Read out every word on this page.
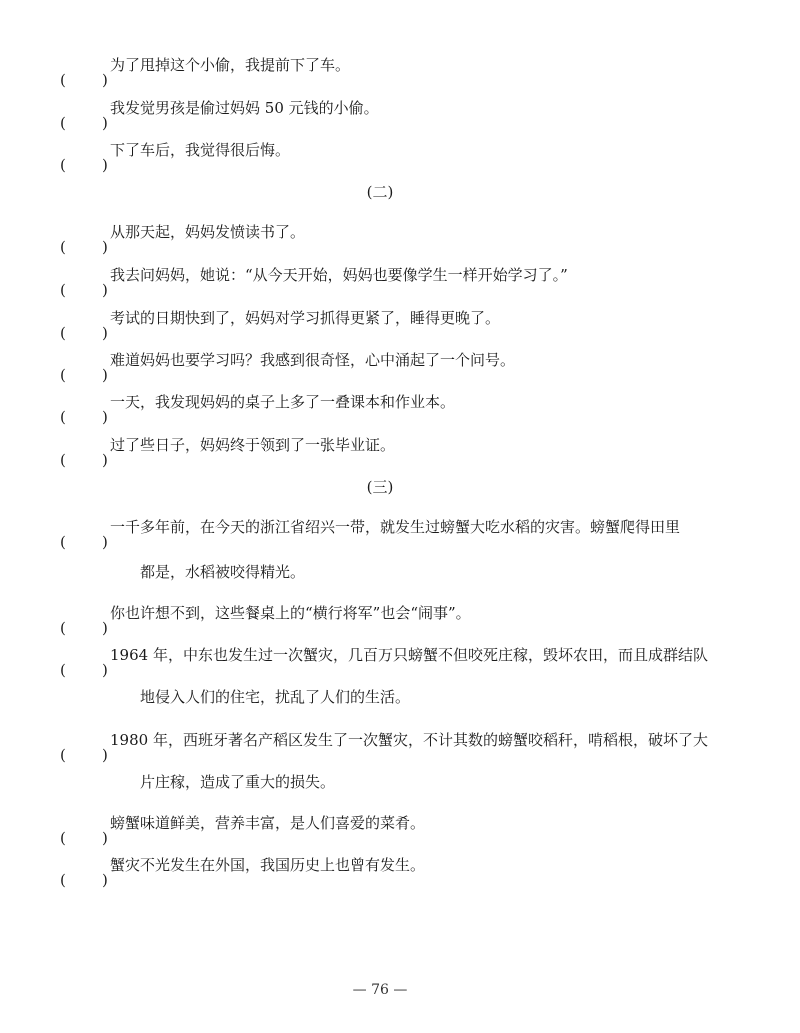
( )
为了甩掉这个小偷，我提前下了车。
( )
我发觉男孩是偷过妈妈 50 元钱的小偷。
( )
下了车后，我觉得很后悔。
(二)
( )
从那天起，妈妈发愤读书了。
( )
我去问妈妈，她说：“从今天开始，妈妈也要像学生一样开始学习了。”
( )
考试的日期快到了，妈妈对学习抓得更紧了，睡得更晚了。
( )
难道妈妈也要学习吗？我感到很奇怪，心中涌起了一个问号。
( )
一天，我发现妈妈的桌子上多了一叠课本和作业本。
( )
过了些日子，妈妈终于领到了一张毕业证。
(三)
( )
一千多年前，在今天的浙江省绍兴一带，就发生过螃蟹大吃水稻的灾害。螃蟹爬得田里
都是，水稻被咬得精光。
( )
你也许想不到，这些餐桌上的“横行将军”也会“闹事”。
( )
1964 年，中东也发生过一次蟹灾，几百万只螃蟹不但咬死庄稼，毁坏农田，而且成群结队
地侵入人们的住宅，扰乱了人们的生活。
( )
1980 年，西班牙著名产稻区发生了一次蟹灾，不计其数的螃蟹咬稻秆，啃稻根，破坏了大
片庄稼，造成了重大的损失。
( )
螃蟹味道鲜美，营养丰富，是人们喜爱的菜肴。
( )
蟹灾不光发生在外国，我国历史上也曾有发生。
— 76 —
